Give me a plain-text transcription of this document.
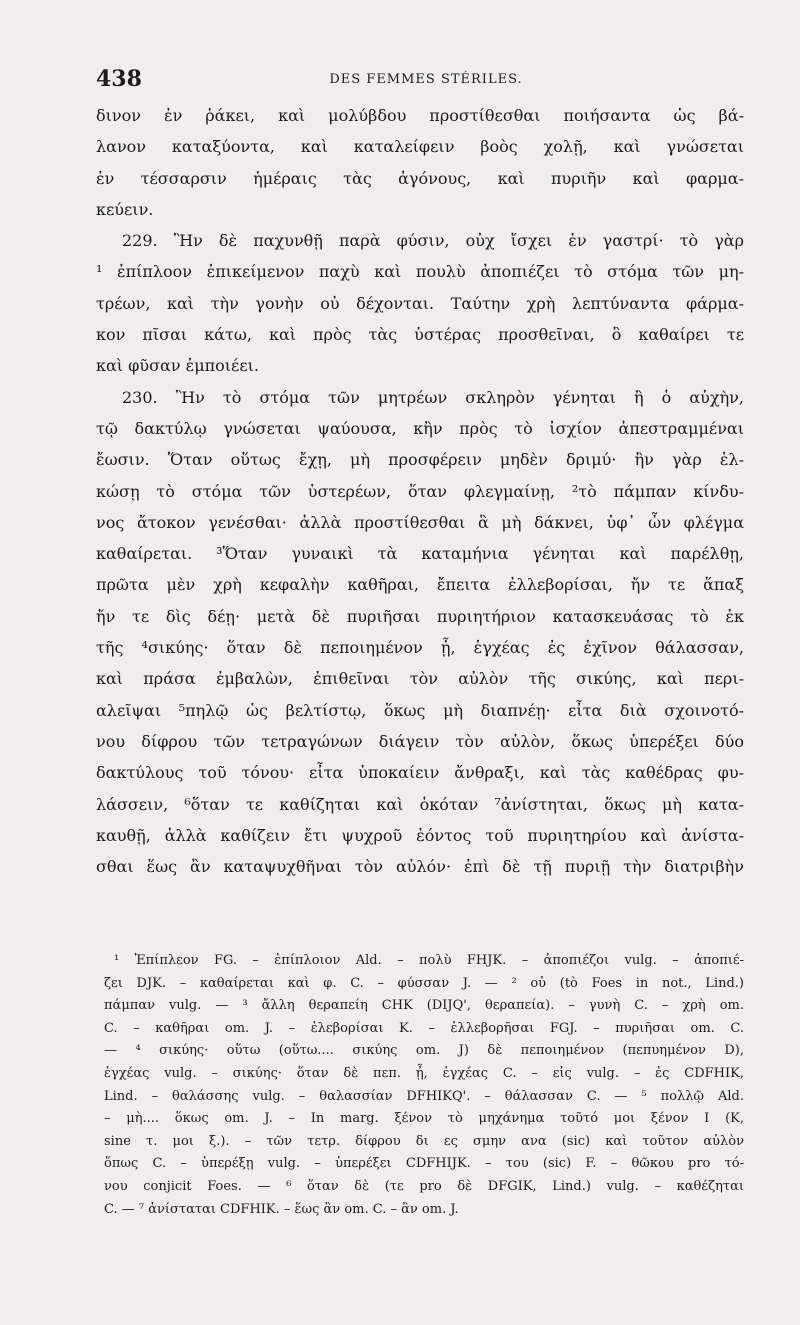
438	DES FEMMES STÉRILES.
δινον ἐν ῥάκει, καὶ μολύβδου προστίθεσθαι ποιήσαντα ὡς βά-
λανον καταξύοντα, καὶ καταλείφειν βοὸς χολῇ, καὶ γνώσεται
ἐν τέσσαρσιν ἡμέραις τὰς ἀγόνους, καὶ πυριῆν καὶ φαρμα-
κεύειν.
229. Ἢν δὲ παχυνθῇ παρὰ φύσιν, οὐχ ἴσχει ἐν γαστρί· τὸ γὰρ
¹ ἐπίπλοον ἐπικείμενον παχὺ καὶ πουλὺ ἀποπιέζει τὸ στόμα τῶν μη-
τρέων, καὶ τὴν γονὴν οὐ δέχονται. Ταύτην χρὴ λεπτύναντα φάρμα-
κον πῖσαι κάτω, καὶ πρὸς τὰς ὑστέρας προσθεῖναι, ὃ καθαίρει τε
καὶ φῦσαν ἐμποιέει.
230. Ἢν τὸ στόμα τῶν μητρέων σκληρὸν γένηται ἢ ὁ αὐχὴν,
τῷ δακτύλῳ γνώσεται ψαύουσα, κἢν πρὸς τὸ ἰσχίον ἀπεστραμμέναι
ἔωσιν. Ὅταν οὕτως ἔχῃ, μὴ προσφέρειν μηδὲν δριμύ· ἢν γὰρ ἑλ-
κώσῃ τὸ στόμα τῶν ὑστερέων, ὅταν φλεγμαίνῃ, ²τὸ πάμπαν κίνδυ-
νος ἄτοκον γενέσθαι· ἀλλὰ προστίθεσθαι ἃ μὴ δάκνει, ὑφ᾽ ὧν φλέγμα
καθαίρεται. ³Ὅταν γυναικὶ τὰ καταμήνια γένηται καὶ παρέλθῃ,
πρῶτα μὲν χρὴ κεφαλὴν καθῆραι, ἔπειτα ἐλλεβορίσαι, ἤν τε ἅπαξ
ἤν τε δὶς δέῃ· μετὰ δὲ πυριῆσαι πυριητήριον κατασκευάσας τὸ ἐκ
τῆς ⁴σικύης· ὅταν δὲ πεποιημένον ᾖ, ἐγχέας ἐς ἐχῖνον θάλασσαν,
καὶ πράσα ἐμβαλὼν, ἐπιθεῖναι τὸν αὐλὸν τῆς σικύης, καὶ περι-
αλεῖψαι ⁵πηλῷ ὡς βελτίστῳ, ὅκως μὴ διαπνέῃ· εἶτα διὰ σχοινοτό-
νου δίφρου τῶν τετραγώνων διάγειν τὸν αὐλὸν, ὅκως ὑπερέξει δύο
δακτύλους τοῦ τόνου· εἶτα ὑποκαίειν ἄνθραξι, καὶ τὰς καθέδρας φυ-
λάσσειν, ⁶ὅταν τε καθίζηται καὶ ὁκόταν ⁷ἀνίστηται, ὅκως μὴ κατα-
καυθῇ, ἀλλὰ καθίζειν ἔτι ψυχροῦ ἐόντος τοῦ πυριητηρίου καὶ ἀνίστα-
σθαι ἕως ἂν καταψυχθῆναι τὸν αὐλόν· ἐπὶ δὲ τῇ πυριῇ τὴν διατριβὴν
¹ Ἐπίπλεον FG. – ἐπίπλοιον Ald. – πολὺ FHJK. – ἀποπιέζοι vulg. – ἀποπιέ-
ζει DJK. – καθαίρεται καὶ φ. C. – φύσσαν J. — ² οὐ (tὸ Foes in not., Lind.)
πάμπαν vulg. — ³ ἄλλη θεραπείη CHK (DIJQ', θεραπεία). – γυνὴ C. – χρὴ om.
C. – καθῆραι om. J. – ἐλεβορίσαι K. – ἐλλεβορῆσαι FGJ. – πυριῆσαι om. C.
— ⁴ σικύης· οὕτω (οὕτω.... σικύης om. J) δὲ πεποιημένον (πεπυημένον D),
ἐγχέας vulg. – σικύης· ὅταν δὲ πεπ. ᾖ, ἐγχέας C. – εἰς vulg. – ἐς CDFHIK,
Lind. – θαλάσσης vulg. – θαλασσίαν DFHIKQ'. – θάλασσαν C. — ⁵ πολλῷ Ald.
– μὴ.... ὅκως om. J. – In marg. ξένον τὸ μηχάνημα τοῦτό μοι ξένον I (K,
sine τ. μοι ξ.). – τῶν τετρ. δίφρου δι ες σμην ανα (sic) καὶ τοῦτον αὐλὸν
ὅπως C. – ὑπερέξῃ vulg. – ὑπερέξει CDFHIJK. – του (sic) F. – θῶκου pro τό-
νου conjicit Foes. — ⁶ ὅταν δὲ (τε pro δὲ DFGIK, Lind.) vulg. – καθέζηται
C. — ⁷ ἀνίσταται CDFHIK. – ἕως ἂν om. C. – ἂν om. J.
